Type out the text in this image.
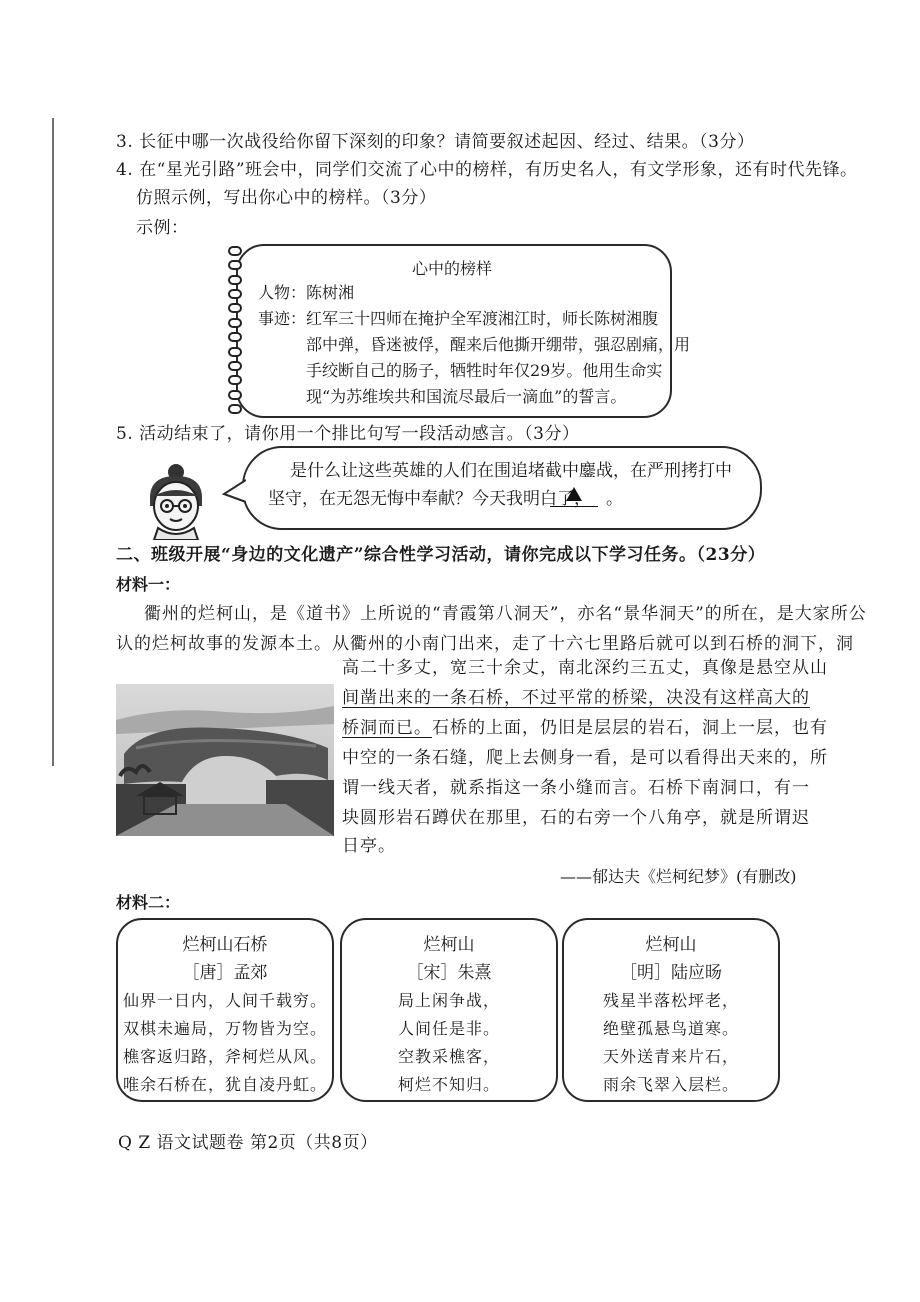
3. 长征中哪一次战役给你留下深刻的印象？请简要叙述起因、经过、结果。（3分）
4. 在“星光引路”班会中，同学们交流了心中的榜样，有历史名人，有文学形象，还有时代先锋。
仿照示例，写出你心中的榜样。（3分）
示例：
心中的榜样
人物：陈树湘
事迹：红军三十四师在掩护全军渡湘江时，师长陈树湘腹
部中弹，昏迷被俘，醒来后他撕开绷带，强忍剧痛，用
手绞断自己的肠子，牺牲时年仅29岁。他用生命实
现“为苏维埃共和国流尽最后一滴血”的誓言。
5. 活动结束了，请你用一个排比句写一段活动感言。（3分）
是什么让这些英雄的人们在围追堵截中鏖战，在严刑拷打中
坚守，在无怨无悔中奉献？今天我明白了， 。
二、班级开展“身边的文化遗产”综合性学习活动，请你完成以下学习任务。（23分）
材料一：
衢州的烂柯山，是《道书》上所说的“青霞第八洞天”，亦名“景华洞天”的所在，是大家所公
认的烂柯故事的发源本土。从衢州的小南门出来，走了十六七里路后就可以到石桥的洞下，洞
高二十多丈，宽三十余丈，南北深约三五丈，真像是悬空从山
间凿出来的一条石桥，不过平常的桥梁，决没有这样高大的
桥洞而已。石桥的上面，仍旧是层层的岩石，洞上一层，也有
中空的一条石缝，爬上去侧身一看，是可以看得出天来的，所
谓一线天者，就系指这一条小缝而言。石桥下南洞口，有一
块圆形岩石蹲伏在那里，石的右旁一个八角亭，就是所谓迟
日亭。
——郁达夫《烂柯纪梦》(有删改)
材料二：
烂柯山石桥
［唐］孟郊
仙界一日内，人间千载穷。
双棋未遍局，万物皆为空。
樵客返归路，斧柯烂从风。
唯余石桥在，犹自凌丹虹。
烂柯山
［宋］朱熹
局上闲争战，
人间任是非。
空教采樵客，
柯烂不知归。
烂柯山
［明］陆应旸
残星半落松坪老，
绝壁孤悬鸟道寒。
天外送青来片石，
雨余飞翠入层栏。
Q Z 语文试题卷 第2页（共8页）
